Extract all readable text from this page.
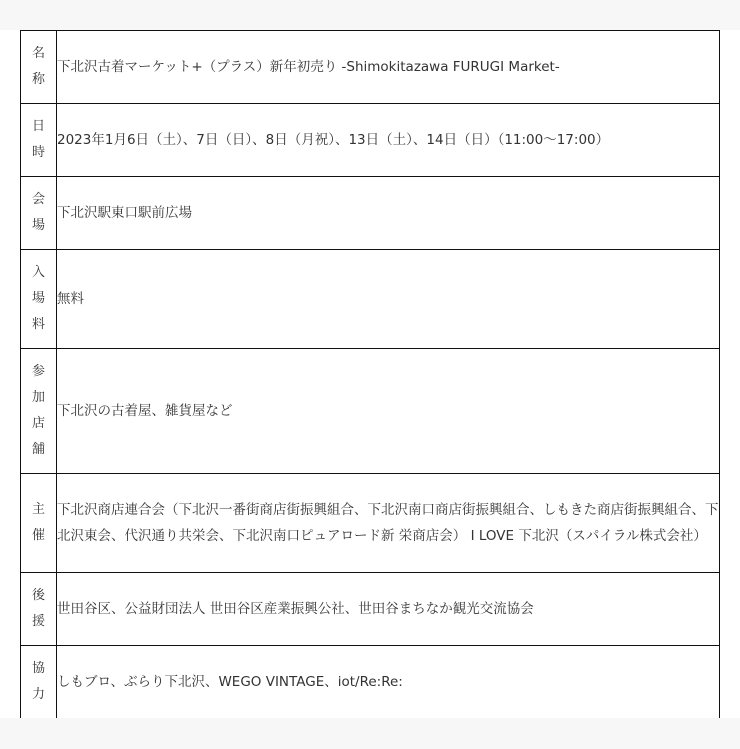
名
称	下北沢古着マーケット+（プラス）新年初売り -Shimokitazawa FURUGI Market-

日
時	2023年1月6日（土）、7日（日）、8日（月祝）、13日（土）、14日（日）（11:00〜17:00）

会
場	下北沢駅東口駅前広場

入
場
料	無料

参
加
店
舗	下北沢の古着屋、雑貨屋など

主
催	下北沢商店連合会（下北沢一番街商店街振興組合、下北沢南口商店街振興組合、しもきた商店街振興組合、下北沢東会、代沢通り共栄会、下北沢南口ピュアロード新 栄商店会） I LOVE 下北沢（スパイラル株式会社）

後
援	世田谷区、公益財団法人 世田谷区産業振興公社、世田谷まちなか観光交流協会

協
力	しもブロ、ぶらり下北沢、WEGO VINTAGE、iot/Re:Re:
